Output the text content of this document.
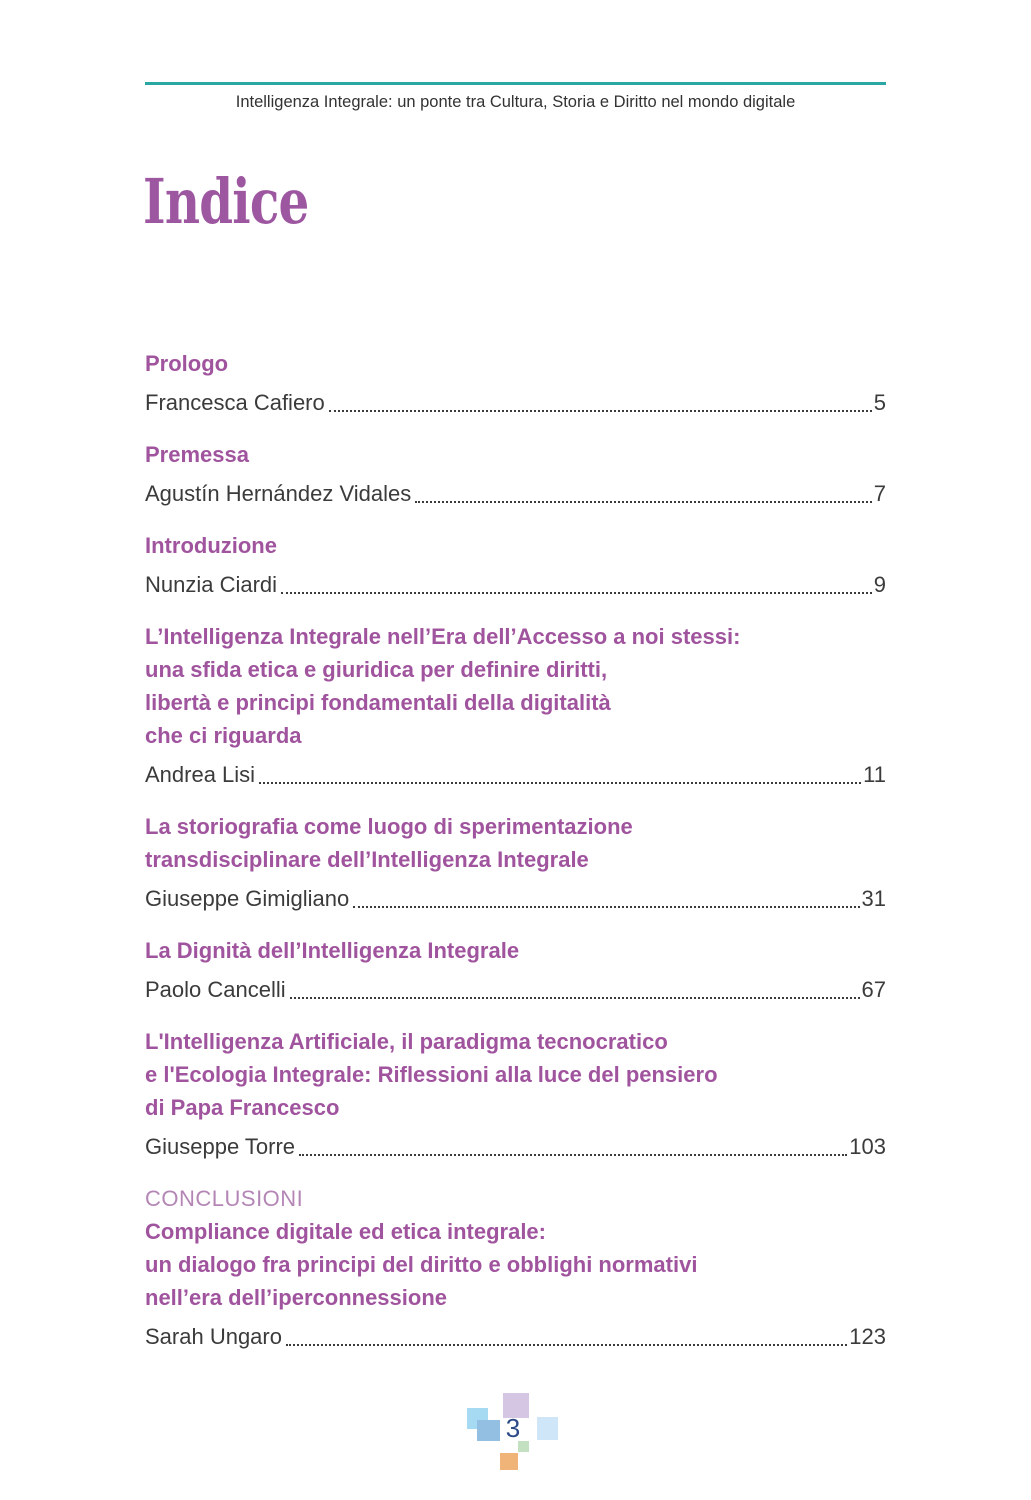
Intelligenza Integrale: un ponte tra Cultura, Storia e Diritto nel mondo digitale
Indice
Prologo
Francesca Cafiero	5
Premessa
Agustín Hernández Vidales	7
Introduzione
Nunzia Ciardi	9
L’Intelligenza Integrale nell’Era dell’Accesso a noi stessi:
una sfida etica e giuridica per definire diritti,
libertà e principi fondamentali della digitalità
che ci riguarda
Andrea Lisi	11
La storiografia come luogo di sperimentazione
transdisciplinare dell’Intelligenza Integrale
Giuseppe Gimigliano	31
La Dignità dell’Intelligenza Integrale
Paolo Cancelli	67
L'Intelligenza Artificiale, il paradigma tecnocratico
e l'Ecologia Integrale: Riflessioni alla luce del pensiero
di Papa Francesco
Giuseppe Torre	103
CONCLUSIONI
Compliance digitale ed etica integrale:
un dialogo fra principi del diritto e obblighi normativi
nell’era dell’iperconnessione
Sarah Ungaro	123
3
